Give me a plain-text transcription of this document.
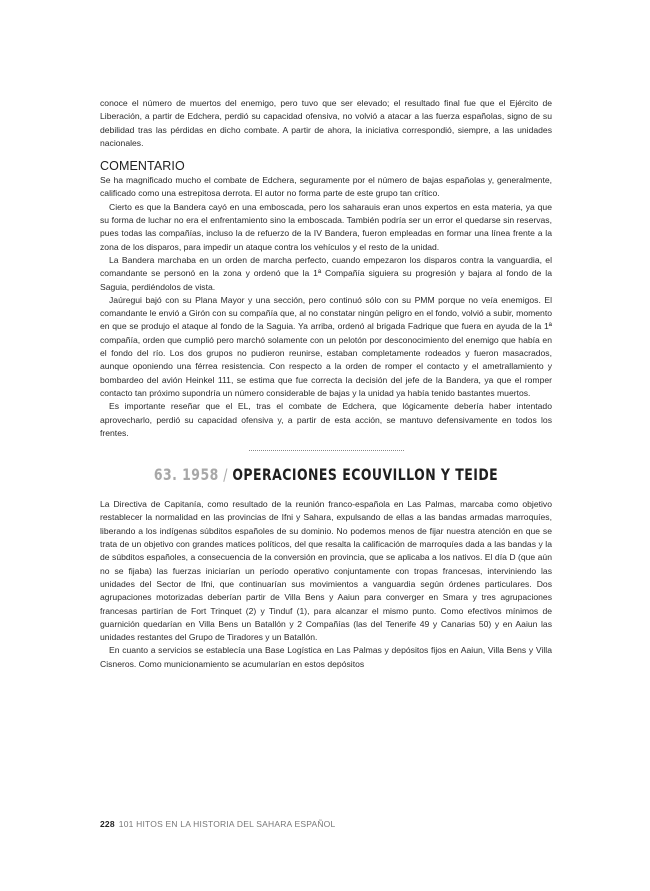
conoce el número de muertos del enemigo, pero tuvo que ser elevado; el resultado final fue que el Ejército de Liberación, a partir de Edchera, perdió su capacidad ofensiva, no volvió a atacar a las fuerza españolas, signo de su debilidad tras las pérdidas en dicho combate. A partir de ahora, la iniciativa correspondió, siempre, a las unidades nacionales.

COMENTARIO

Se ha magnificado mucho el combate de Edchera, seguramente por el número de bajas españolas y, generalmente, calificado como una estrepitosa derrota. El autor no forma parte de este grupo tan crítico.

Cierto es que la Bandera cayó en una emboscada, pero los saharauis eran unos expertos en esta materia, ya que su forma de luchar no era el enfrentamiento sino la emboscada. También podría ser un error el quedarse sin reservas, pues todas las compañías, incluso la de refuerzo de la IV Bandera, fueron empleadas en formar una línea frente a la zona de los disparos, para impedir un ataque contra los vehículos y el resto de la unidad.

La Bandera marchaba en un orden de marcha perfecto, cuando empezaron los disparos contra la vanguardia, el comandante se personó en la zona y ordenó que la 1ª Compañía siguiera su progresión y bajara al fondo de la Saguia, perdiéndolos de vista.

Jaúregui bajó con su Plana Mayor y una sección, pero continuó sólo con su PMM porque no veía enemigos. El comandante le envió a Girón con su compañía que, al no constatar ningún peligro en el fondo, volvió a subir, momento en que se produjo el ataque al fondo de la Saguia. Ya arriba, ordenó al brigada Fadrique que fuera en ayuda de la 1ª compañía, orden que cumplió pero marchó solamente con un pelotón por desconocimiento del enemigo que había en el fondo del río. Los dos grupos no pudieron reunirse, estaban completamente rodeados y fueron masacrados, aunque oponiendo una férrea resistencia. Con respecto a la orden de romper el contacto y el ametrallamiento y bombardeo del avión Heinkel 111, se estima que fue correcta la decisión del jefe de la Bandera, ya que el romper contacto tan próximo supondría un número considerable de bajas y la unidad ya había tenido bastantes muertos.

Es importante reseñar que el EL, tras el combate de Edchera, que lógicamente debería haber intentado aprovecharlo, perdió su capacidad ofensiva y, a partir de esta acción, se mantuvo defensivamente en todos los frentes.

63. 1958 / OPERACIONES ECOUVILLON Y TEIDE

La Directiva de Capitanía, como resultado de la reunión franco-española en Las Palmas, marcaba como objetivo restablecer la normalidad en las provincias de Ifni y Sahara, expulsando de ellas a las bandas armadas marroquíes, liberando a los indígenas súbditos españoles de su dominio. No podemos menos de fijar nuestra atención en que se trata de un objetivo con grandes matices políticos, del que resalta la calificación de marroquíes dada a las bandas y la de súbditos españoles, a consecuencia de la conversión en provincia, que se aplicaba a los nativos. El día D (que aún no se fijaba) las fuerzas iniciarían un período operativo conjuntamente con tropas francesas, interviniendo las unidades del Sector de Ifni, que continuarían sus movimientos a vanguardia según órdenes particulares. Dos agrupaciones motorizadas deberían partir de Villa Bens y Aaiun para converger en Smara y tres agrupaciones francesas partirían de Fort Trinquet (2) y Tinduf (1), para alcanzar el mismo punto. Como efectivos mínimos de guarnición quedarían en Villa Bens un Batallón y 2 Compañías (las del Tenerife 49 y Canarias 50) y en Aaiun las unidades restantes del Grupo de Tiradores y un Batallón.

En cuanto a servicios se establecía una Base Logística en Las Palmas y depósitos fijos en Aaiun, Villa Bens y Villa Cisneros. Como municionamiento se acumularían en estos depósitos

228 101 HITOS EN LA HISTORIA DEL SAHARA ESPAÑOL
